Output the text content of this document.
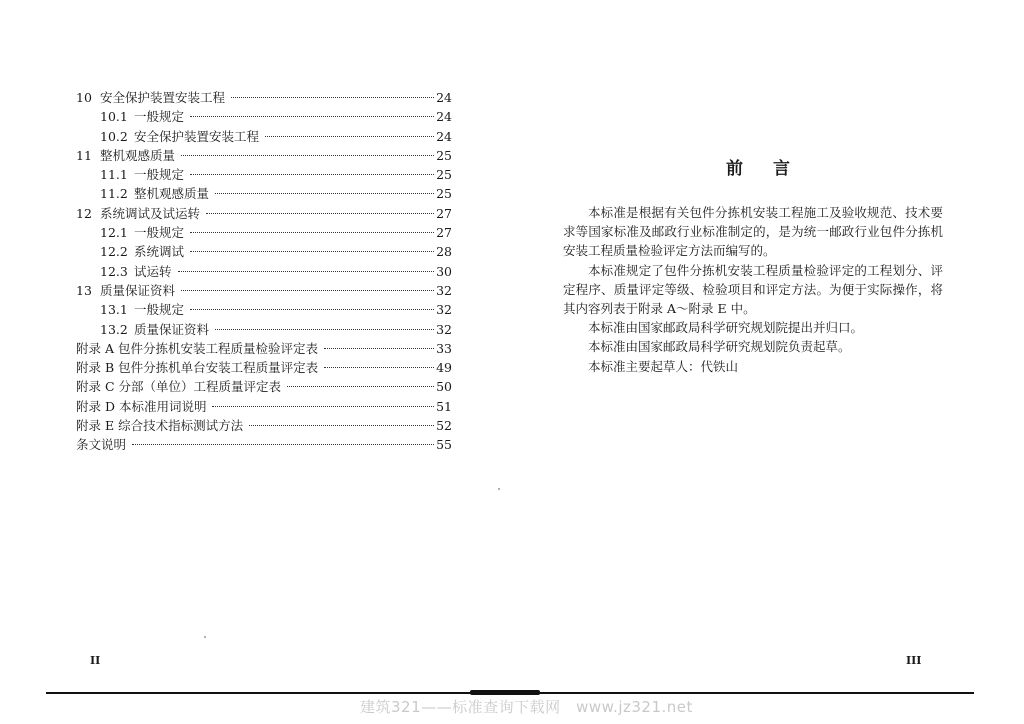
10 安全保护装置安装工程	24
10.1 一般规定	24
10.2 安全保护装置安装工程	24
11 整机观感质量	25
11.1 一般规定	25
11.2 整机观感质量	25
12 系统调试及试运转	27
12.1 一般规定	27
12.2 系统调试	28
12.3 试运转	30
13 质量保证资料	32
13.1 一般规定	32
13.2 质量保证资料	32
附录 A 包件分拣机安装工程质量检验评定表	33
附录 B 包件分拣机单台安装工程质量评定表	49
附录 C 分部（单位）工程质量评定表	50
附录 D 本标准用词说明	51
附录 E 综合技术指标测试方法	52
条文说明	55
II	III
前言

本标准是根据有关包件分拣机安装工程施工及验收规范、技术要求等国家标准及邮政行业标准制定的，是为统一邮政行业包件分拣机安装工程质量检验评定方法而编写的。

本标准规定了包件分拣机安装工程质量检验评定的工程划分、评定程序、质量评定等级、检验项目和评定方法。为便于实际操作，将其内容列表于附录 A～附录 E 中。

本标准由国家邮政局科学研究规划院提出并归口。

本标准由国家邮政局科学研究规划院负责起草。

本标准主要起草人：代铁山

建筑321——标准查询下载网　www.jz321.net
